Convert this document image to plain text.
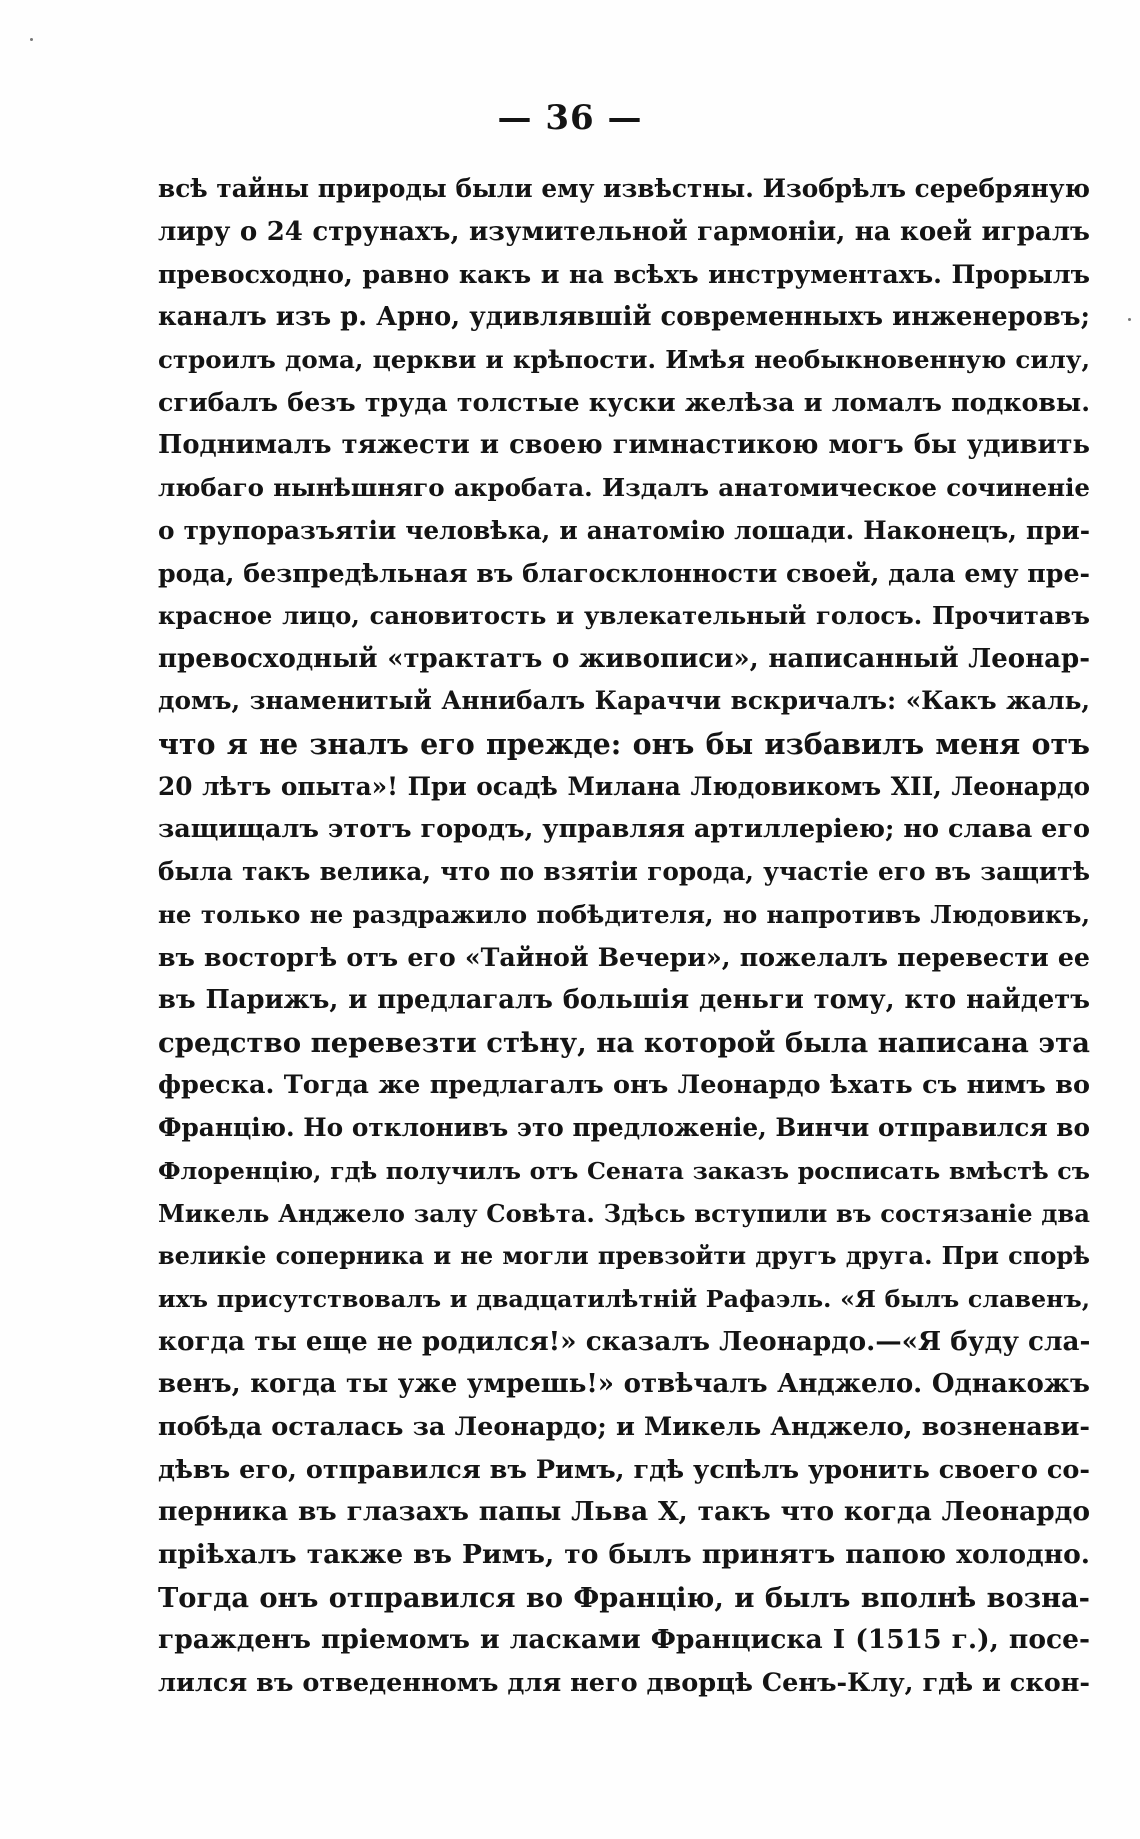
— 36 —
всѣ тайны природы были ему извѣстны. Изобрѣлъ серебряную
лиру о 24 струнахъ, изумительной гармоніи, на коей игралъ
превосходно, равно какъ и на всѣхъ инструментахъ. Прорылъ
каналъ изъ р. Арно, удивлявшій современныхъ инженеровъ;
строилъ дома, церкви и крѣпости. Имѣя необыкновенную силу,
сгибалъ безъ труда толстые куски желѣза и ломалъ подковы.
Поднималъ тяжести и своею гимнастикою могъ бы удивить
любаго нынѣшняго акробата. Издалъ анатомическое сочиненіе
о трупоразъятіи человѣка, и анатомію лошади. Наконецъ, при-
рода, безпредѣльная въ благосклонности своей, дала ему пре-
красное лицо, сановитость и увлекательный голосъ. Прочитавъ
превосходный «трактатъ о живописи», написанный Леонар-
домъ, знаменитый Аннибалъ Караччи вскричалъ: «Какъ жаль,
что я не зналъ его прежде: онъ бы избавилъ меня отъ
20 лѣтъ опыта»! При осадѣ Милана Людовикомъ XII, Леонардо
защищалъ этотъ городъ, управляя артиллеріею; но слава его
была такъ велика, что по взятіи города, участіе его въ защитѣ
не только не раздражило побѣдителя, но напротивъ Людовикъ,
въ восторгѣ отъ его «Тайной Вечери», пожелалъ перевести ее
въ Парижъ, и предлагалъ большія деньги тому, кто найдетъ
средство перевезти стѣну, на которой была написана эта
фреска. Тогда же предлагалъ онъ Леонардо ѣхать съ нимъ во
Францію. Но отклонивъ это предложеніе, Винчи отправился во
Флоренцію, гдѣ получилъ отъ Сената заказъ росписать вмѣстѣ съ
Микель Анджело залу Совѣта. Здѣсь вступили въ состязаніе два
великіе соперника и не могли превзойти другъ друга. При спорѣ
ихъ присутствовалъ и двадцатилѣтній Рафаэль. «Я былъ славенъ,
когда ты еще не родился!» сказалъ Леонардо.—«Я буду сла-
венъ, когда ты уже умрешь!» отвѣчалъ Анджело. Однакожъ
побѣда осталась за Леонардо; и Микель Анджело, возненави-
дѣвъ его, отправился въ Римъ, гдѣ успѣлъ уронить своего со-
перника въ глазахъ папы Льва X, такъ что когда Леонардо
пріѣхалъ также въ Римъ, то былъ принятъ папою холодно.
Тогда онъ отправился во Францію, и былъ вполнѣ возна-
гражденъ пріемомъ и ласками Франциска I (1515 г.), посе-
лился въ отведенномъ для него дворцѣ Сенъ-Клу, гдѣ и скон-
